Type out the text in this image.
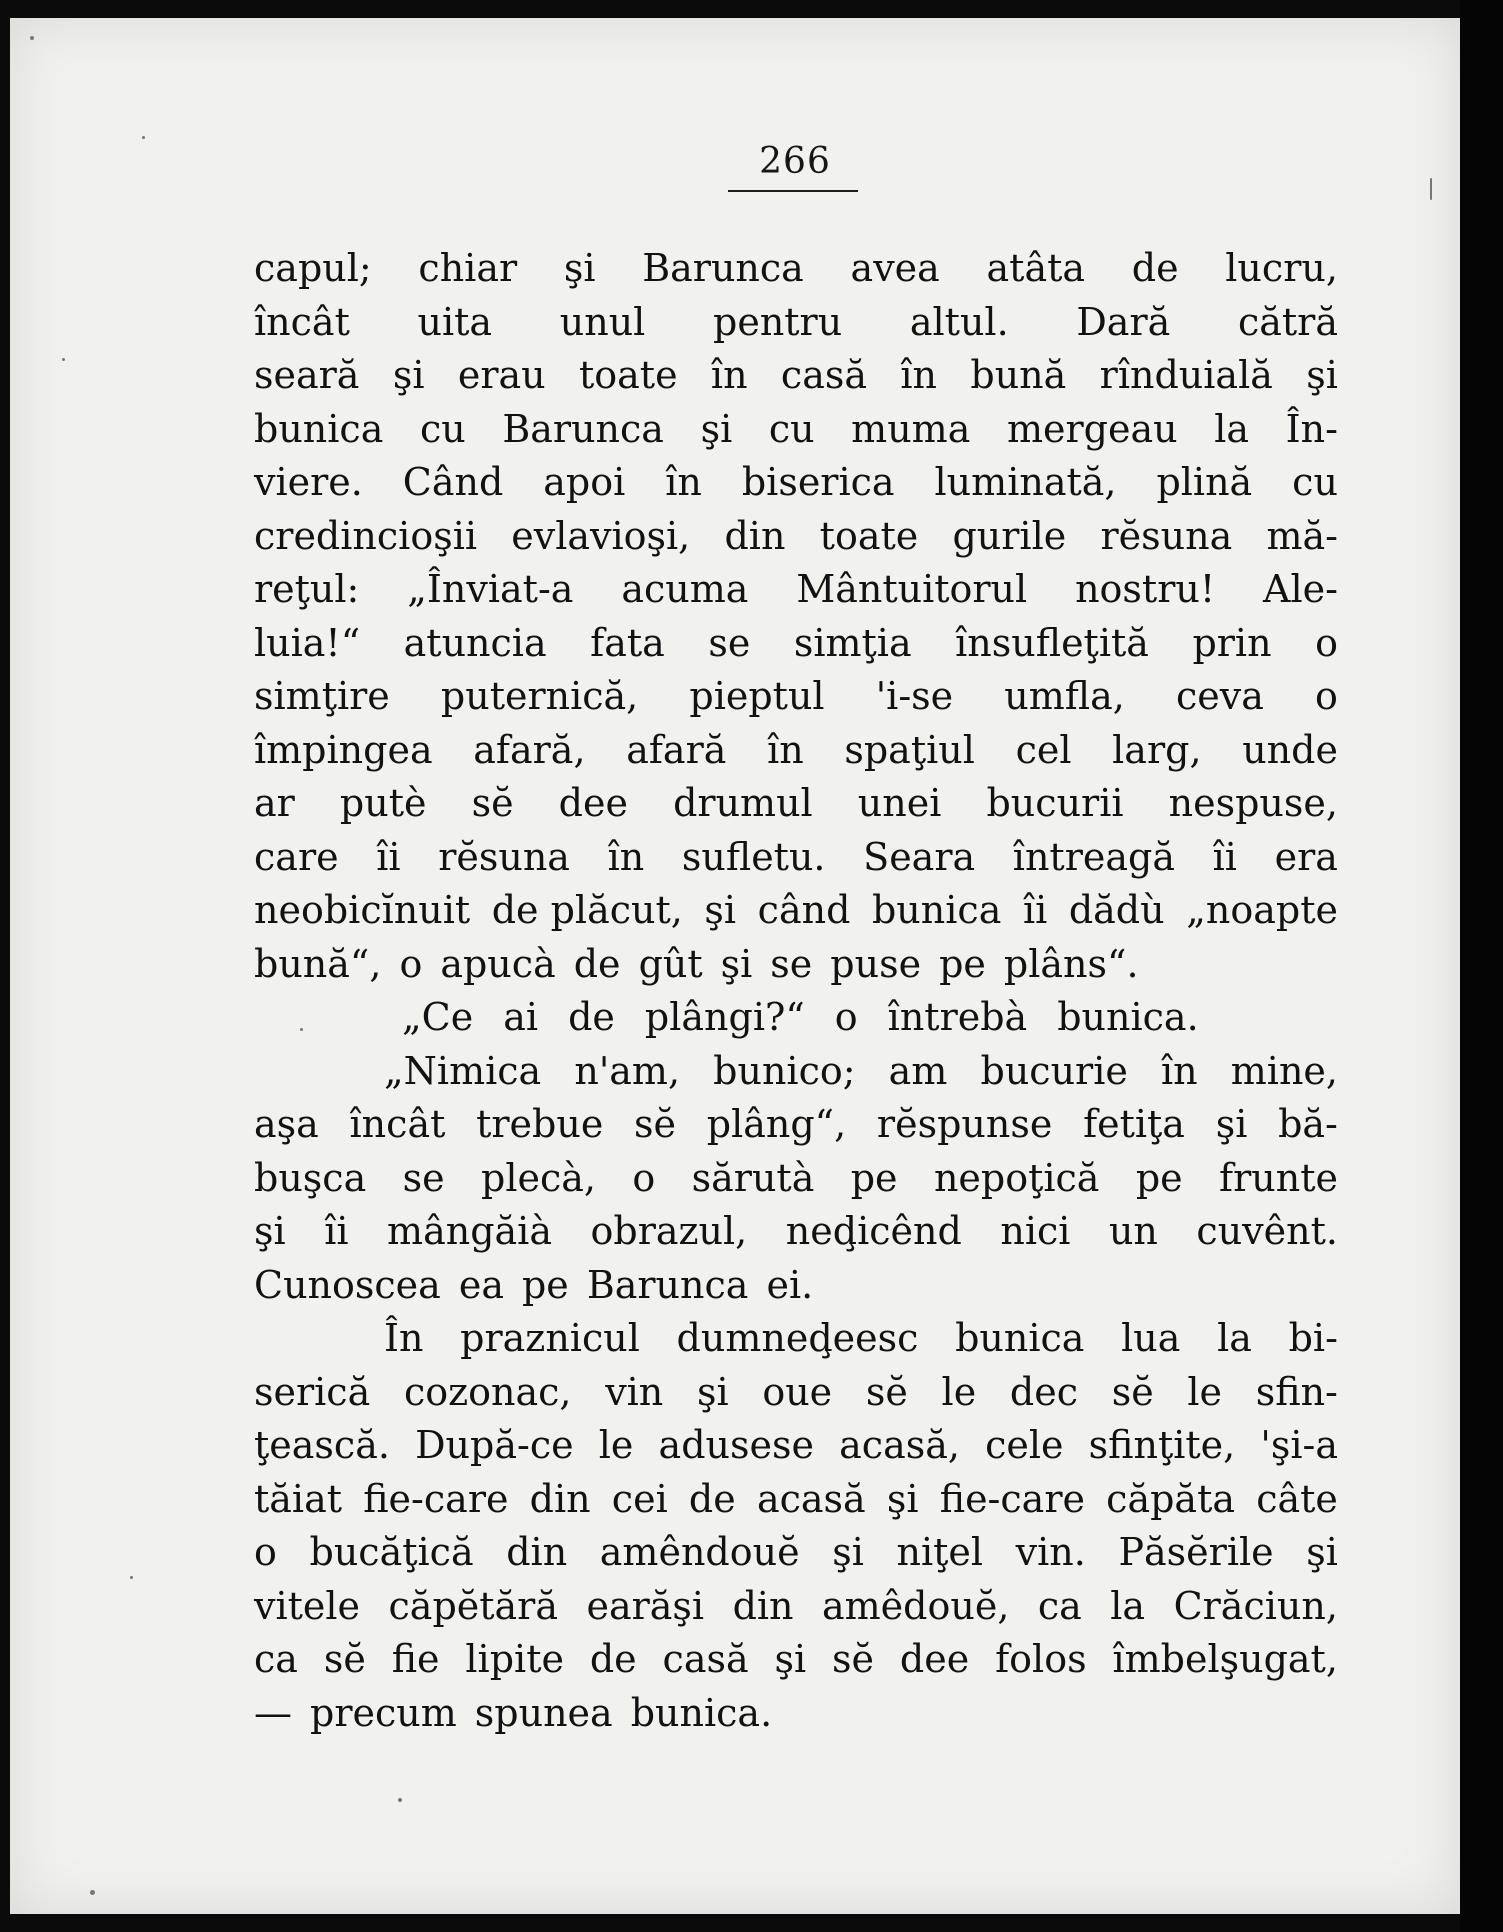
266
capul; chiar şi Barunca avea atâta de lucru,
încât uita unul pentru altul. Dară cătră
seară şi erau toate în casă în bună rînduială şi
bunica cu Barunca şi cu muma mergeau la În-
viere. Când apoi în biserica luminată, plină cu
credincioşii evlavioşi, din toate gurile rĕsuna mă-
reţul: „Înviat-a acuma Mântuitorul nostru! Ale-
luia!“ atuncia fata se simţia însufleţită prin o
simţire puternică, pieptul 'i-se umfla, ceva o
împingea afară, afară în spaţiul cel larg, unde
ar putè sĕ dee drumul unei bucurii nespuse,
care îi rĕsuna în sufletu. Seara întreagă îi era
neobicĭnuit de plăcut, şi când bunica îi dădù „noapte
bună“, o apucà de gût şi se puse pe plâns“.
„Ce ai de plângi?“ o întrebà bunica.
„Nimica n'am, bunico; am bucurie în mine,
aşa încât trebue sĕ plâng“, rĕspunse fetiţa şi bă-
buşca se plecà, o sărutà pe nepoţică pe frunte
şi îi mângăià obrazul, neḑicênd nici un cuvênt.
Cunoscea ea pe Barunca ei.
În praznicul dumneḑeesc bunica lua la bi-
serică cozonac, vin şi oue sĕ le dec sĕ le sfin-
ţească. După-ce le adusese acasă, cele sfinţite, 'şi-a
tăiat fie-care din cei de acasă şi fie-care căpăta câte
o bucăţică din amêndouĕ şi niţel vin. Păsĕrile şi
vitele căpĕtără earăşi din amêdouĕ, ca la Crăciun,
ca sĕ fie lipite de casă şi sĕ dee folos îmbelşugat,
— precum spunea bunica.
